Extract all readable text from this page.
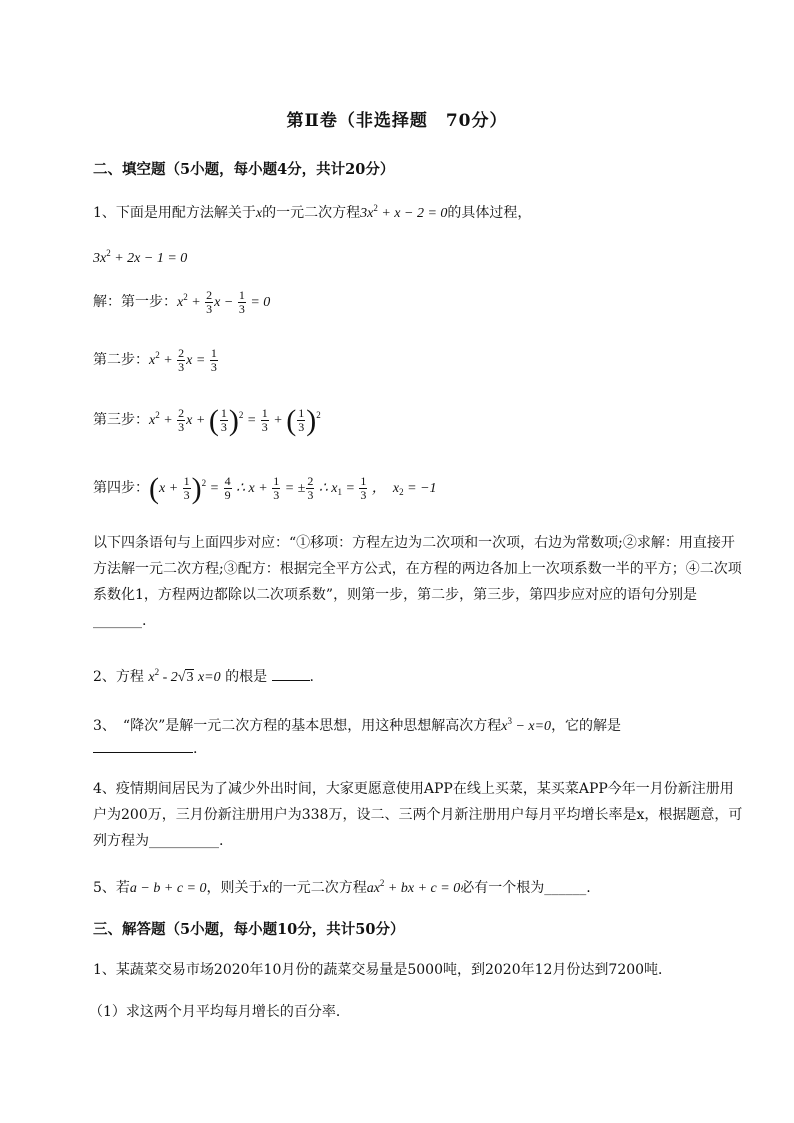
第Ⅱ卷（非选择题　70分）
二、填空题（5小题，每小题4分，共计20分）
1、下面是用配方法解关于x的一元二次方程$3x^2 + x - 2 = 0$的具体过程，
$3x^2 + 2x - 1 = 0$
解：第一步：$x^2 + \frac{2}{3}$ $x - \frac{1}{3} = 0$
第二步：$x^2 + \frac{2}{3}$ $x = \frac{1}{3}$
第三步：$x^2 + \frac{2}{3}$ x + ( $\frac{1}{3} )^2 = \frac{1}{3}$ + ( $\frac{1}{3} )^2$
第四步：$(x + \frac{1}{3} )^2 = \frac{4}{9}$ ∴ $x + \frac{1}{3}$ = ± $\frac{2}{3}$ ∴ $x_1 = \frac{1}{3}$ ，  $x_2 = -1$
以下四条语句与上面四步对应：“①移项：方程左边为二次项和一次项，右边为常数项;②求解：用直接开方法解一元二次方程;③配方：根据完全平方公式，在方程的两边各加上一次项系数一半的平方；④二次项系数化1，方程两边都除以二次项系数”，则第一步，第二步，第三步，第四步应对应的语句分别是_______.
2、方程 $x^2 - 2√3$ x=0 的根是	.
3、　“降次”是解一元二次方程的基本思想，用这种思想解高次方程$x^3 - x=0$，它的解是
.
4、疫情期间居民为了减少外出时间，大家更愿意使用APP在线上买菜，某买菜APP今年一月份新注册用户为200万，三月份新注册用户为338万，设二、三两个月新注册用户每月平均增长率是x，根据题意，可列方程为__________.
5、若a − b + c = 0，则关于x的一元二次方程$ax^2$ + bx + c = 0必有一个根为______.
三、解答题（5小题，每小题10分，共计50分）
1、某蔬菜交易市场2020年10月份的蔬菜交易量是5000吨，到2020年12月份达到7200吨．
（1）求这两个月平均每月增长的百分率．
